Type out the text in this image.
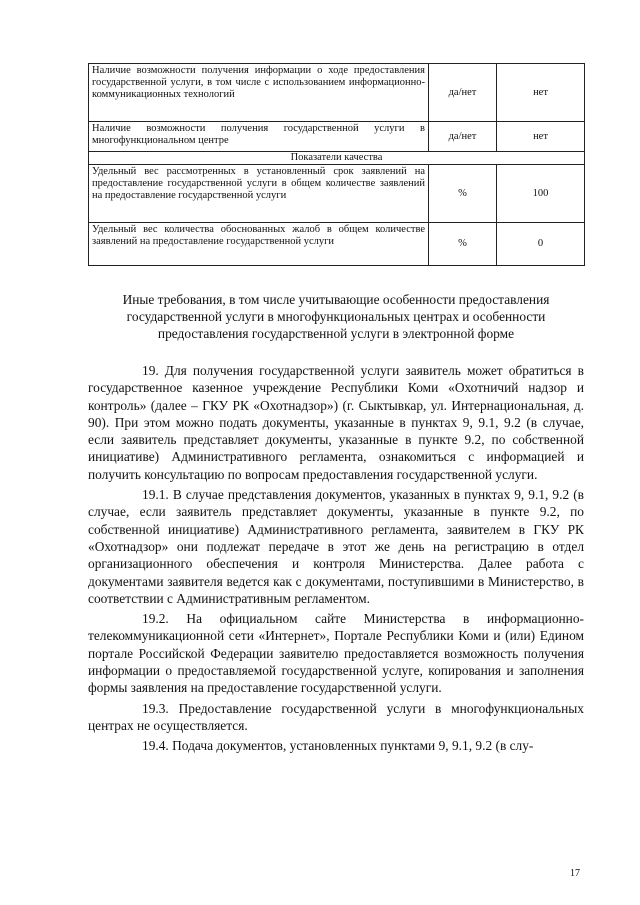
Наличие возможности получения информации о ходе предоставления государственной услуги, в том числе с использованием информационно-коммуникационных технологий	да/нет	нет
Наличие возможности получения государственной услуги в многофункциональном центре	да/нет	нет
Показатели качества		
Удельный вес рассмотренных в установленный срок заявлений на предоставление государственной услуги в общем количестве заявлений на предоставление государственной услуги	%	100
Удельный вес количества обоснованных жалоб в общем количестве заявлений на предоставление государственной услуги	%	0
Иные требования, в том числе учитывающие особенности предоставления государственной услуги в многофункциональных центрах и особенности предоставления государственной услуги в электронной форме

19. Для получения государственной услуги заявитель может обратиться в государственное казенное учреждение Республики Коми «Охотничий надзор и контроль» (далее – ГКУ РК «Охотнадзор») (г. Сыктывкар, ул. Интернациональная, д. 90). При этом можно подать документы, указанные в пунктах 9, 9.1, 9.2 (в случае, если заявитель представляет документы, указанные в пункте 9.2, по собственной инициативе) Административного регламента, ознакомиться с информацией и получить консультацию по вопросам предоставления государственной услуги.

19.1. В случае представления документов, указанных в пунктах 9, 9.1, 9.2 (в случае, если заявитель представляет документы, указанные в пункте 9.2, по собственной инициативе) Административного регламента, заявителем в ГКУ РК «Охотнадзор» они подлежат передаче в этот же день на регистрацию в отдел организационного обеспечения и контроля Министерства. Далее работа с документами заявителя ведется как с документами, поступившими в Министерство, в соответствии с Административным регламентом.

19.2. На официальном сайте Министерства в информационно-телекоммуникационной сети «Интернет», Портале Республики Коми и (или) Едином портале Российской Федерации заявителю предоставляется возможность получения информации о предоставляемой государственной услуге, копирования и заполнения формы заявления на предоставление государственной услуги.

19.3. Предоставление государственной услуги в многофункциональных центрах не осуществляется.

19.4. Подача документов, установленных пунктами 9, 9.1, 9.2 (в слу-

17
